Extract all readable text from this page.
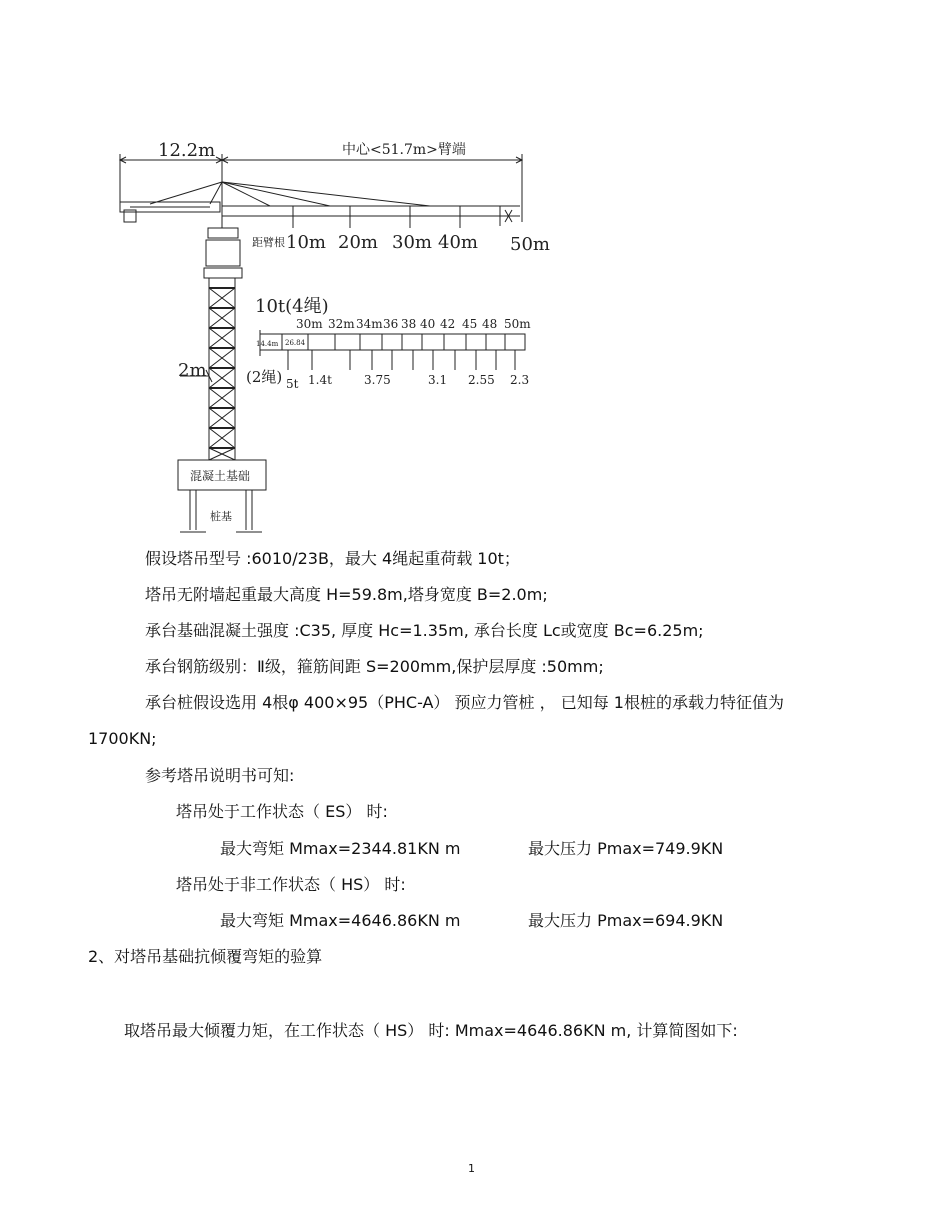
12.2m	中心<51.7m>臂端
距臂根 10m 20m 30m 40m 50m
10t(4绳)
30m 32m 34m 36 38 40 42 45 48 50m
14.4m 26.84
2m	(2绳) 5t 1.4t	3.75	3.1 2.55 2.3
混凝土基础
桩基
假设塔吊型号 :6010/23B，最大 4绳起重荷载 10t；
塔吊无附墙起重最大高度 H=59.8m,塔身宽度 B=2.0m;
承台基础混凝土强度 :C35, 厚度 Hc=1.35m, 承台长度 Lc或宽度 Bc=6.25m;
承台钢筋级别：Ⅱ级，箍筋间距 S=200mm,保护层厚度 :50mm;
承台桩假设选用 4根φ 400×95（PHC-A） 预应力管桩 ， 已知每 1根桩的承载力特征值为
1700KN;
参考塔吊说明书可知:
塔吊处于工作状态（ ES） 时:
最大弯矩 Mmax=2344.81KN m	最大压力 Pmax=749.9KN
塔吊处于非工作状态（ HS） 时:
最大弯矩 Mmax=4646.86KN m	最大压力 Pmax=694.9KN
2、对塔吊基础抗倾覆弯矩的验算
取塔吊最大倾覆力矩，在工作状态（ HS） 时: Mmax=4646.86KN m, 计算简图如下:
1
